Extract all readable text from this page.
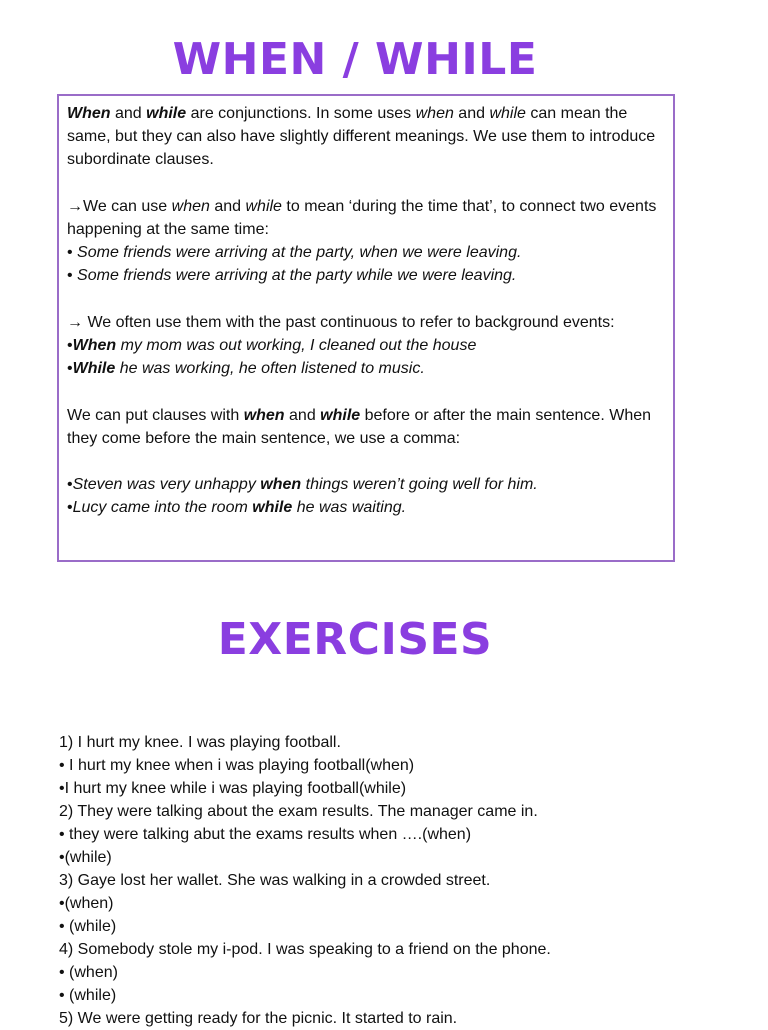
WHEN / WHILE

When and while are conjunctions. In some uses when and while can mean the same, but they can also have slightly different meanings. We use them to introduce subordinate clauses.

→We can use when and while to mean ‘during the time that’, to connect two events happening at the same time:

• Some friends were arriving at the party, when we were leaving.

• Some friends were arriving at the party while we were leaving.

→ We often use them with the past continuous to refer to background events:

•When my mom was out working, I cleaned out the house

•While he was working, he often listened to music.

We can put clauses with when and while before or after the main sentence. When they come before the main sentence, we use a comma:

•Steven was very unhappy when things weren’t going well for him.

•Lucy came into the room while he was waiting.

EXERCISES
1) I hurt my knee. I was playing football.
• I hurt my knee when i was playing football(when)
•I hurt my knee while i was playing football(while)
2) They were talking about the exam results. The manager came in.
• they were talking abut the exams results when ….(when)
•(while)
3) Gaye lost her wallet. She was walking in a crowded street.
•(when)
• (while)
4) Somebody stole my i-pod. I was speaking to a friend on the phone.
• (when)
• (while)
5) We were getting ready for the picnic. It started to rain.
